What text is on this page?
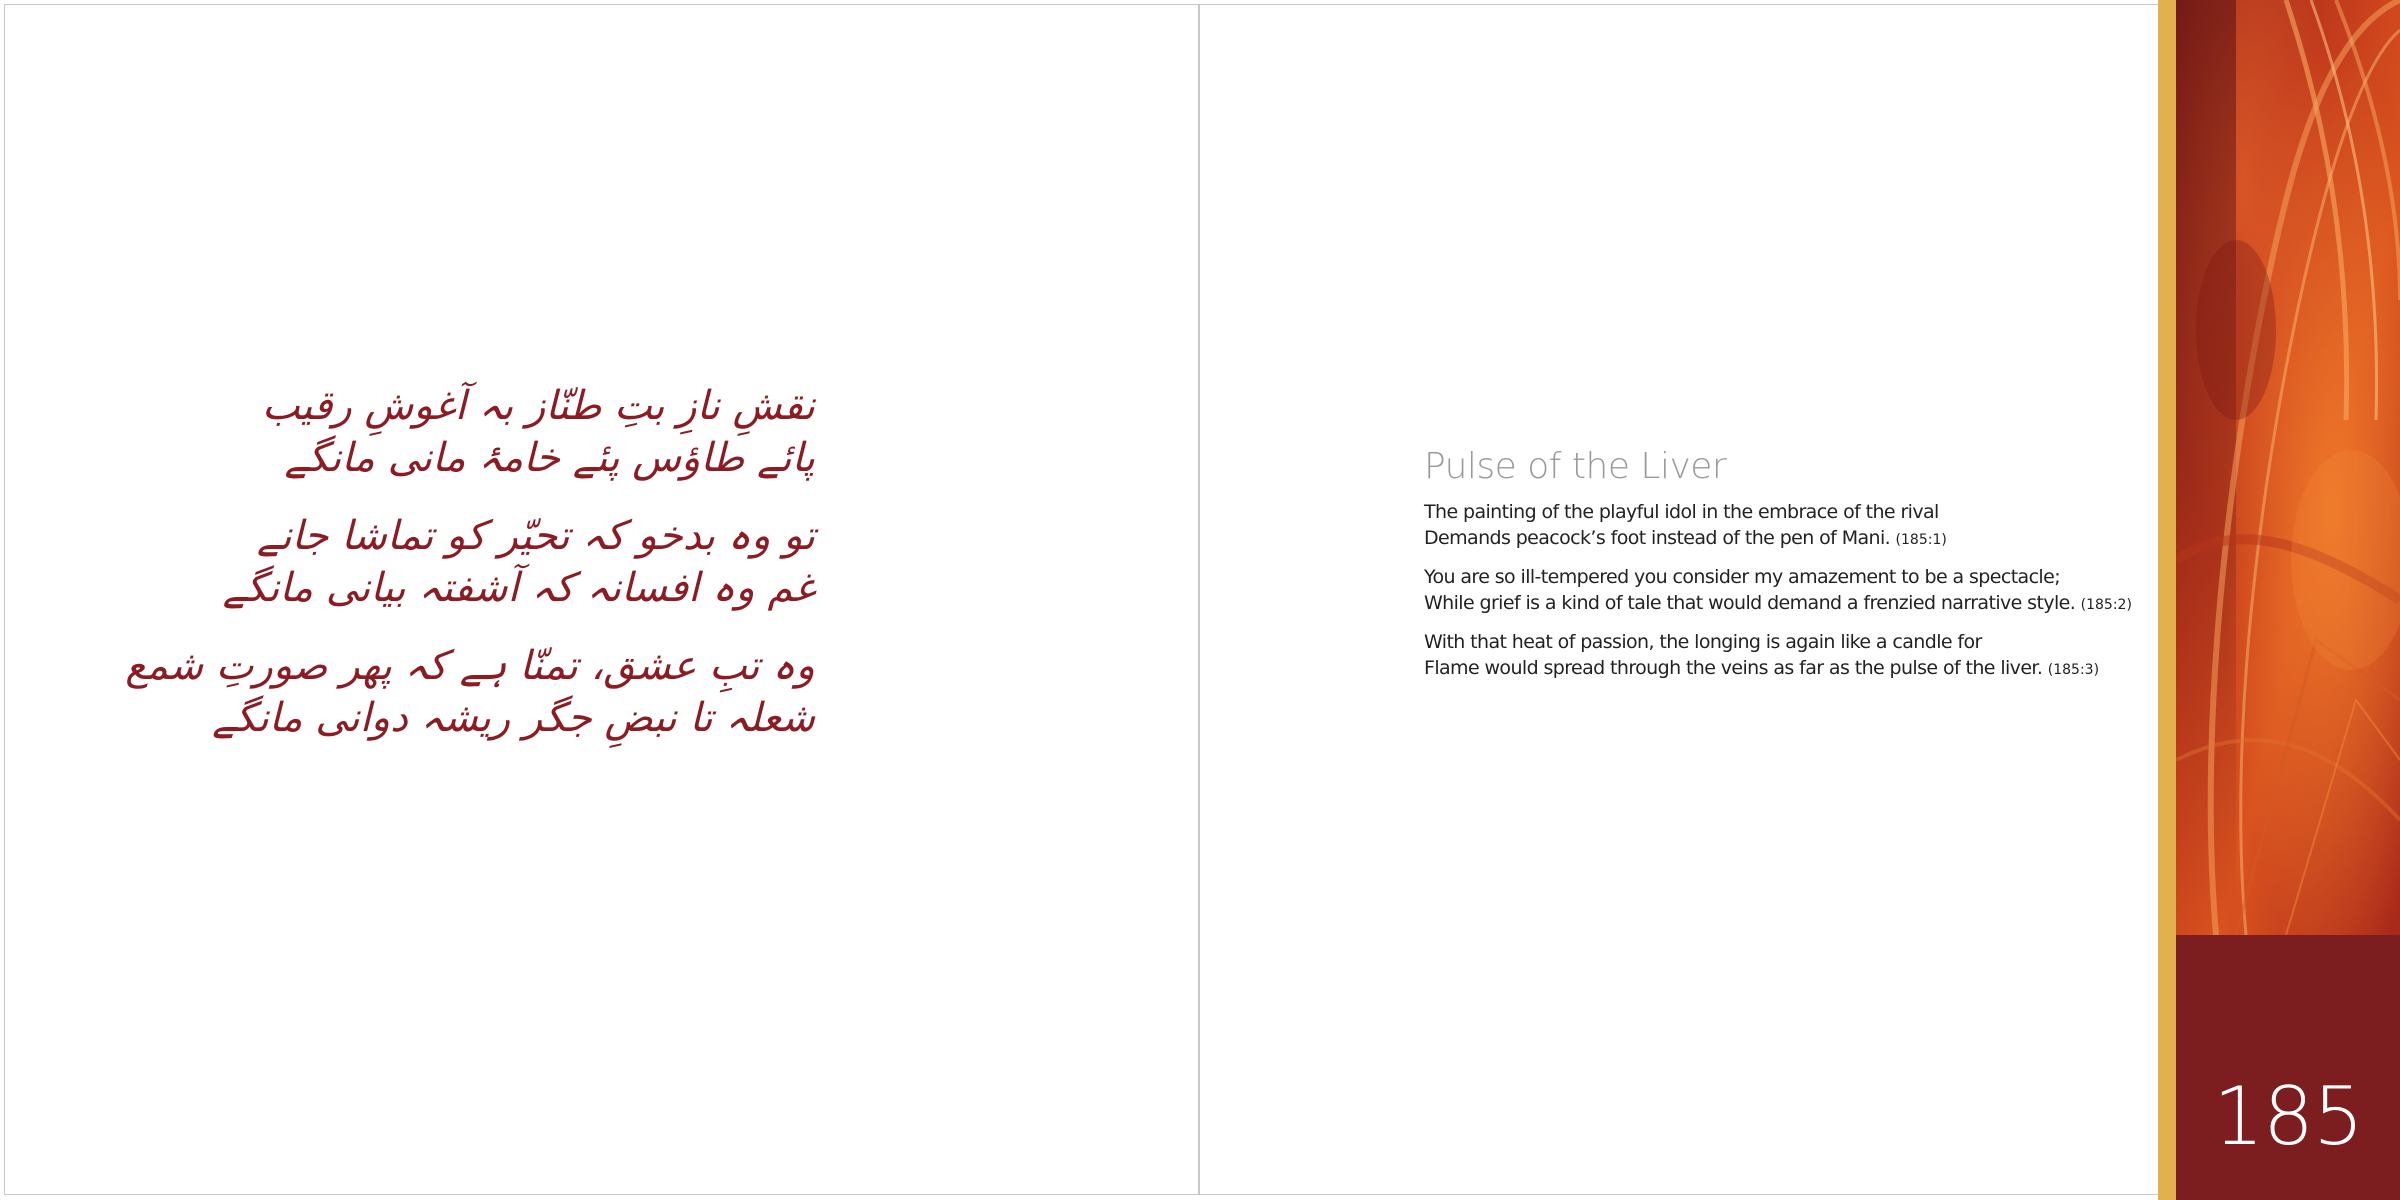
نقشِ نازِ بتِ طنّاز بہ آغوشِ رقیب
پائے طاؤس پئے خامۂ مانی مانگے
تو وہ بدخو کہ تحیّر کو تماشا جانے
غم وہ افسانہ کہ آشفتہ بیانی مانگے
وہ تبِ عشق، تمنّا ہے کہ پھر صورتِ شمع
شعلہ تا نبضِ جگر ریشہ دوانی مانگے
Pulse of the Liver
The painting of the playful idol in the embrace of the rival
Demands peacock’s foot instead of the pen of Mani. (185:1)
You are so ill-tempered you consider my amazement to be a spectacle;
While grief is a kind of tale that would demand a frenzied narrative style. (185:2)
With that heat of passion, the longing is again like a candle for
Flame would spread through the veins as far as the pulse of the liver. (185:3)
185
